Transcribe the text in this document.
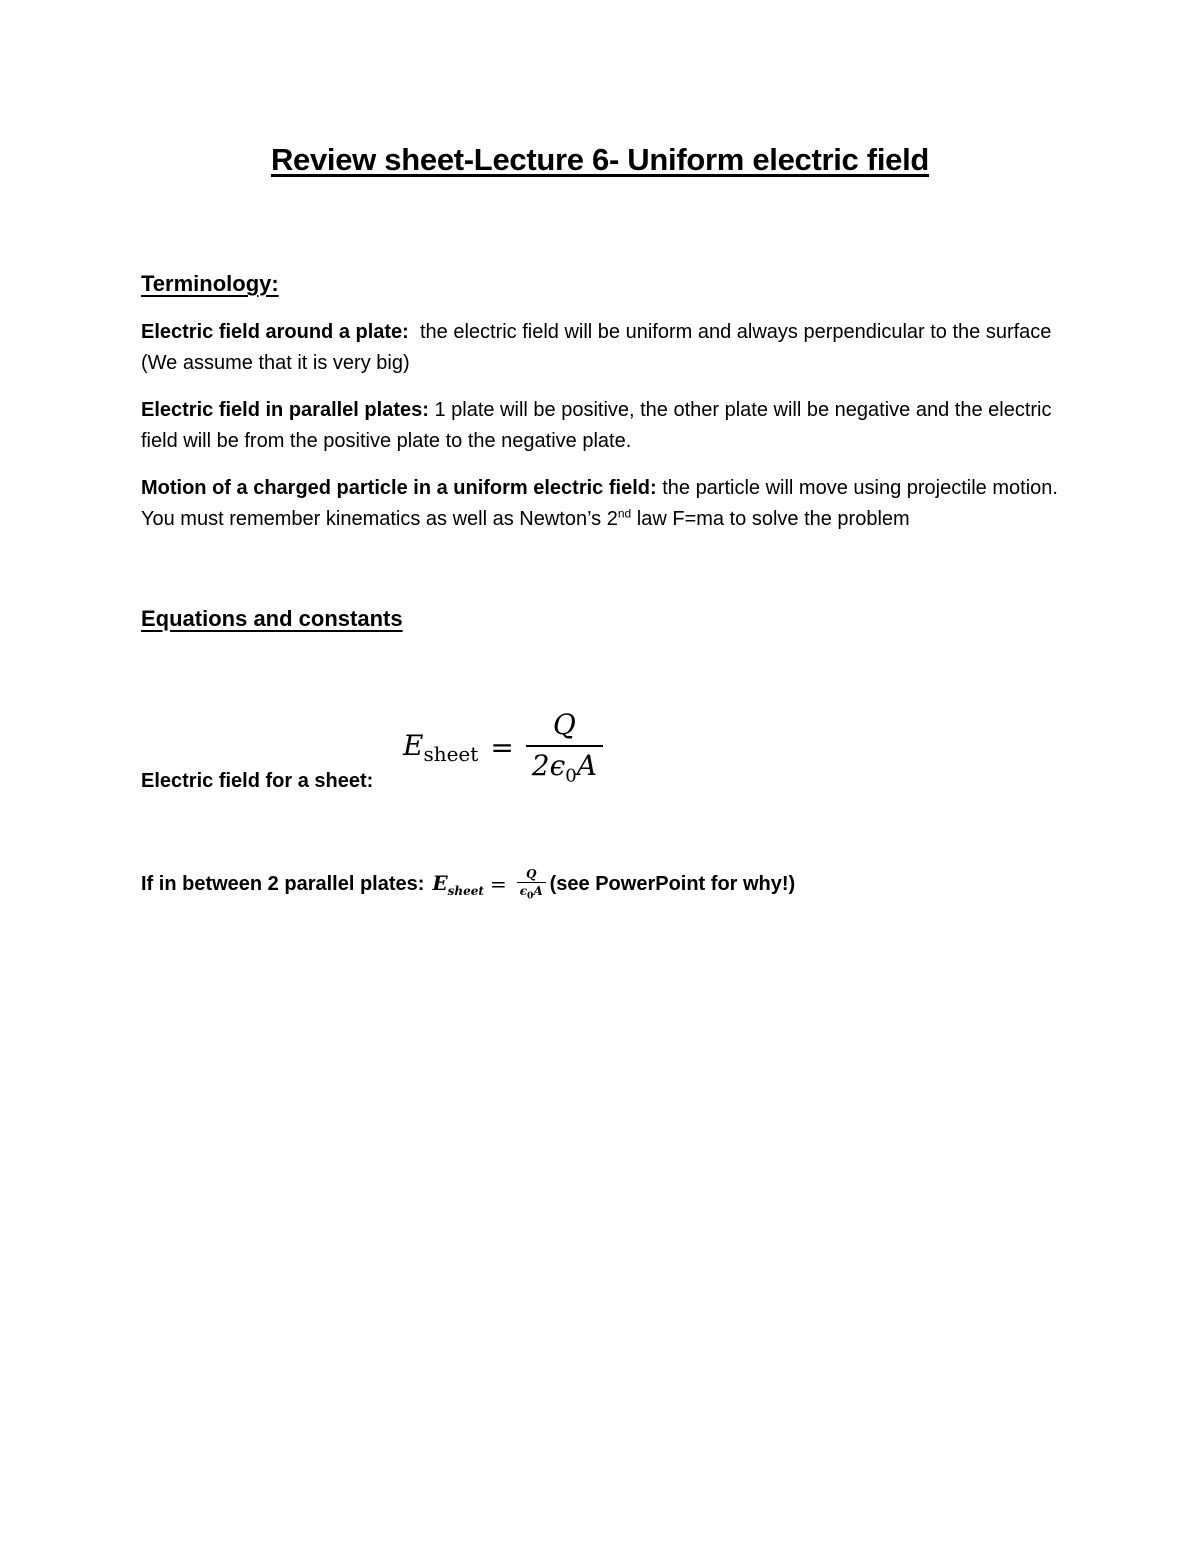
Review sheet-Lecture 6- Uniform electric field
Terminology:
Electric field around a plate: the electric field will be uniform and always perpendicular to the surface (We assume that it is very big)
Electric field in parallel plates: 1 plate will be positive, the other plate will be negative and the electric field will be from the positive plate to the negative plate.
Motion of a charged particle in a uniform electric field: the particle will move using projectile motion. You must remember kinematics as well as Newton’s 2nd law F=ma to solve the problem
Equations and constants
Electric field for a sheet:
$E_{sheet} = \frac{Q}{2\epsilon_0A}$
If in between 2 parallel plates: $E_{sheet} = \frac{Q}{\epsilon_0A} (see$ PowerPoint for why!)
